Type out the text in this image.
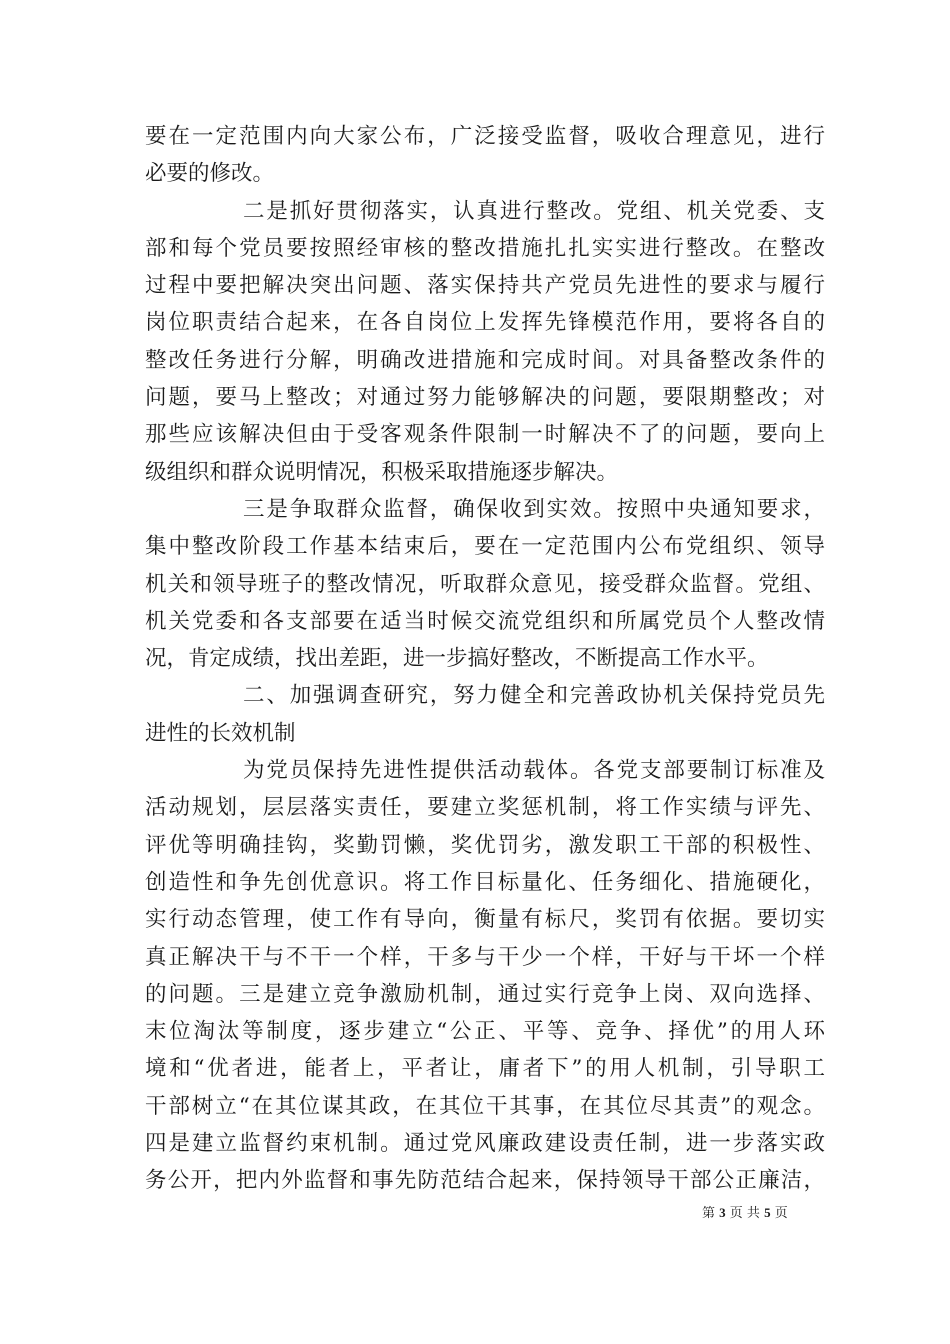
要在一定范围内向大家公布，广泛接受监督，吸收合理意见，进行
必要的修改。
二是抓好贯彻落实，认真进行整改。党组、机关党委、支
部和每个党员要按照经审核的整改措施扎扎实实进行整改。在整改
过程中要把解决突出问题、落实保持共产党员先进性的要求与履行
岗位职责结合起来，在各自岗位上发挥先锋模范作用，要将各自的
整改任务进行分解，明确改进措施和完成时间。对具备整改条件的
问题，要马上整改；对通过努力能够解决的问题，要限期整改；对
那些应该解决但由于受客观条件限制一时解决不了的问题，要向上
级组织和群众说明情况，积极采取措施逐步解决。
三是争取群众监督，确保收到实效。按照中央通知要求，
集中整改阶段工作基本结束后，要在一定范围内公布党组织、领导
机关和领导班子的整改情况，听取群众意见，接受群众监督。党组、
机关党委和各支部要在适当时候交流党组织和所属党员个人整改情
况，肯定成绩，找出差距，进一步搞好整改，不断提高工作水平。
二、加强调查研究，努力健全和完善政协机关保持党员先
进性的长效机制
为党员保持先进性提供活动载体。各党支部要制订标准及
活动规划，层层落实责任，要建立奖惩机制，将工作实绩与评先、
评优等明确挂钩，奖勤罚懒，奖优罚劣，激发职工干部的积极性、
创造性和争先创优意识。将工作目标量化、任务细化、措施硬化，
实行动态管理，使工作有导向，衡量有标尺，奖罚有依据。要切实
真正解决干与不干一个样，干多与干少一个样，干好与干坏一个样
的问题。三是建立竞争激励机制，通过实行竞争上岗、双向选择、
末位淘汰等制度，逐步建立“公正、平等、竞争、择优”的用人环
境和“优者进，能者上，平者让，庸者下”的用人机制，引导职工
干部树立“在其位谋其政，在其位干其事，在其位尽其责”的观念。
四是建立监督约束机制。通过党风廉政建设责任制，进一步落实政
务公开，把内外监督和事先防范结合起来，保持领导干部公正廉洁，
第 3 页 共 5 页
